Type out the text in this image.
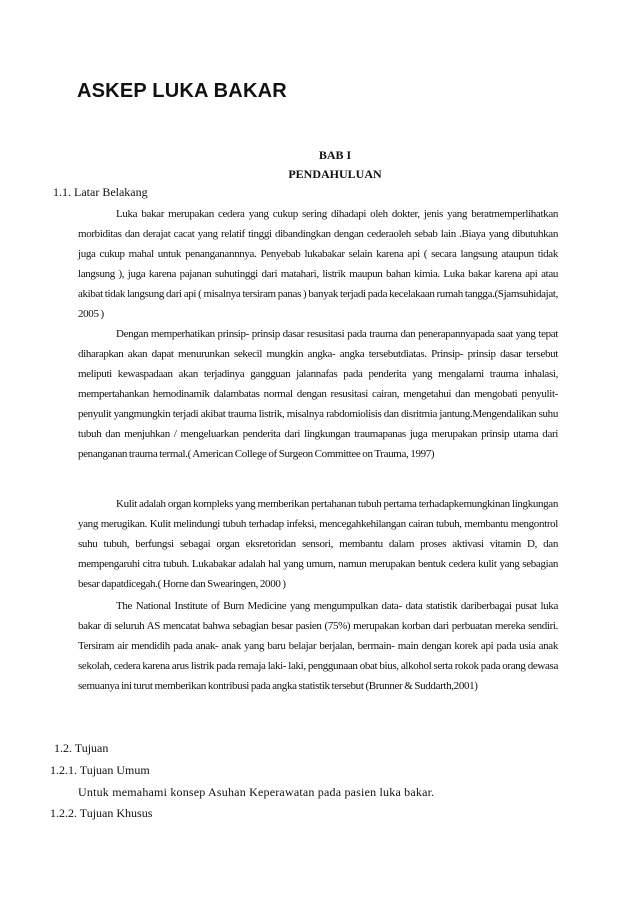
ASKEP LUKA BAKAR
BAB I
PENDAHULUAN
1.1. Latar Belakang

Luka bakar merupakan cedera yang cukup sering dihadapi oleh dokter, jenis yang beratmemperlihatkan morbiditas dan derajat cacat yang relatif tinggi dibandingkan dengan cederaoleh sebab lain .Biaya yang dibutuhkan juga cukup mahal untuk penanganannnya. Penyebab lukabakar selain karena api ( secara langsung ataupun tidak langsung ), juga karena pajanan suhutinggi dari matahari, listrik maupun bahan kimia. Luka bakar karena api atau akibat tidak langsung dari api ( misalnya tersiram panas ) banyak terjadi pada kecelakaan rumah tangga.(Sjamsuhidajat, 2005 )

Dengan memperhatikan prinsip- prinsip dasar resusitasi pada trauma dan penerapannyapada saat yang tepat diharapkan akan dapat menurunkan sekecil mungkin angka- angka tersebutdiatas. Prinsip- prinsip dasar tersebut meliputi kewaspadaan akan terjadinya gangguan jalannafas pada penderita yang mengalami trauma inhalasi, mempertahankan hemodinamik dalambatas normal dengan resusitasi cairan, mengetahui dan mengobati penyulit- penyulit yangmungkin terjadi akibat trauma listrik, misalnya rabdomiolisis dan disritmia jantung.Mengendalikan suhu tubuh dan menjuhkan / mengeluarkan penderita dari lingkungan traumapanas juga merupakan prinsip utama dari penanganan trauma termal.( American College of Surgeon Committee on Trauma, 1997)

Kulit adalah organ kompleks yang memberikan pertahanan tubuh pertama terhadapkemungkinan lingkungan yang merugikan. Kulit melindungi tubuh terhadap infeksi, mencegahkehilangan cairan tubuh, membantu mengontrol suhu tubuh, berfungsi sebagai organ eksretoridan sensori, membantu dalam proses aktivasi vitamin D, dan mempengaruhi citra tubuh. Lukabakar adalah hal yang umum, namun merupakan bentuk cedera kulit yang sebagian besar dapatdicegah.( Horne dan Swearingen, 2000 )

The National Institute of Burn Medicine yang mengumpulkan data- data statistik dariberbagai pusat luka bakar di seluruh AS mencatat bahwa sebagian besar pasien (75%) merupakan korban dari perbuatan mereka sendiri. Tersiram air mendidih pada anak- anak yang baru belajar berjalan, bermain- main dengan korek api pada usia anak sekolah, cedera karena arus listrik pada remaja laki- laki, penggunaan obat bius, alkohol serta rokok pada orang dewasa semuanya ini turut memberikan kontribusi pada angka statistik tersebut (Brunner & Suddarth,2001)

1.2. Tujuan
1.2.1. Tujuan Umum
Untuk memahami konsep Asuhan Keperawatan pada pasien luka bakar.
1.2.2. Tujuan Khusus
